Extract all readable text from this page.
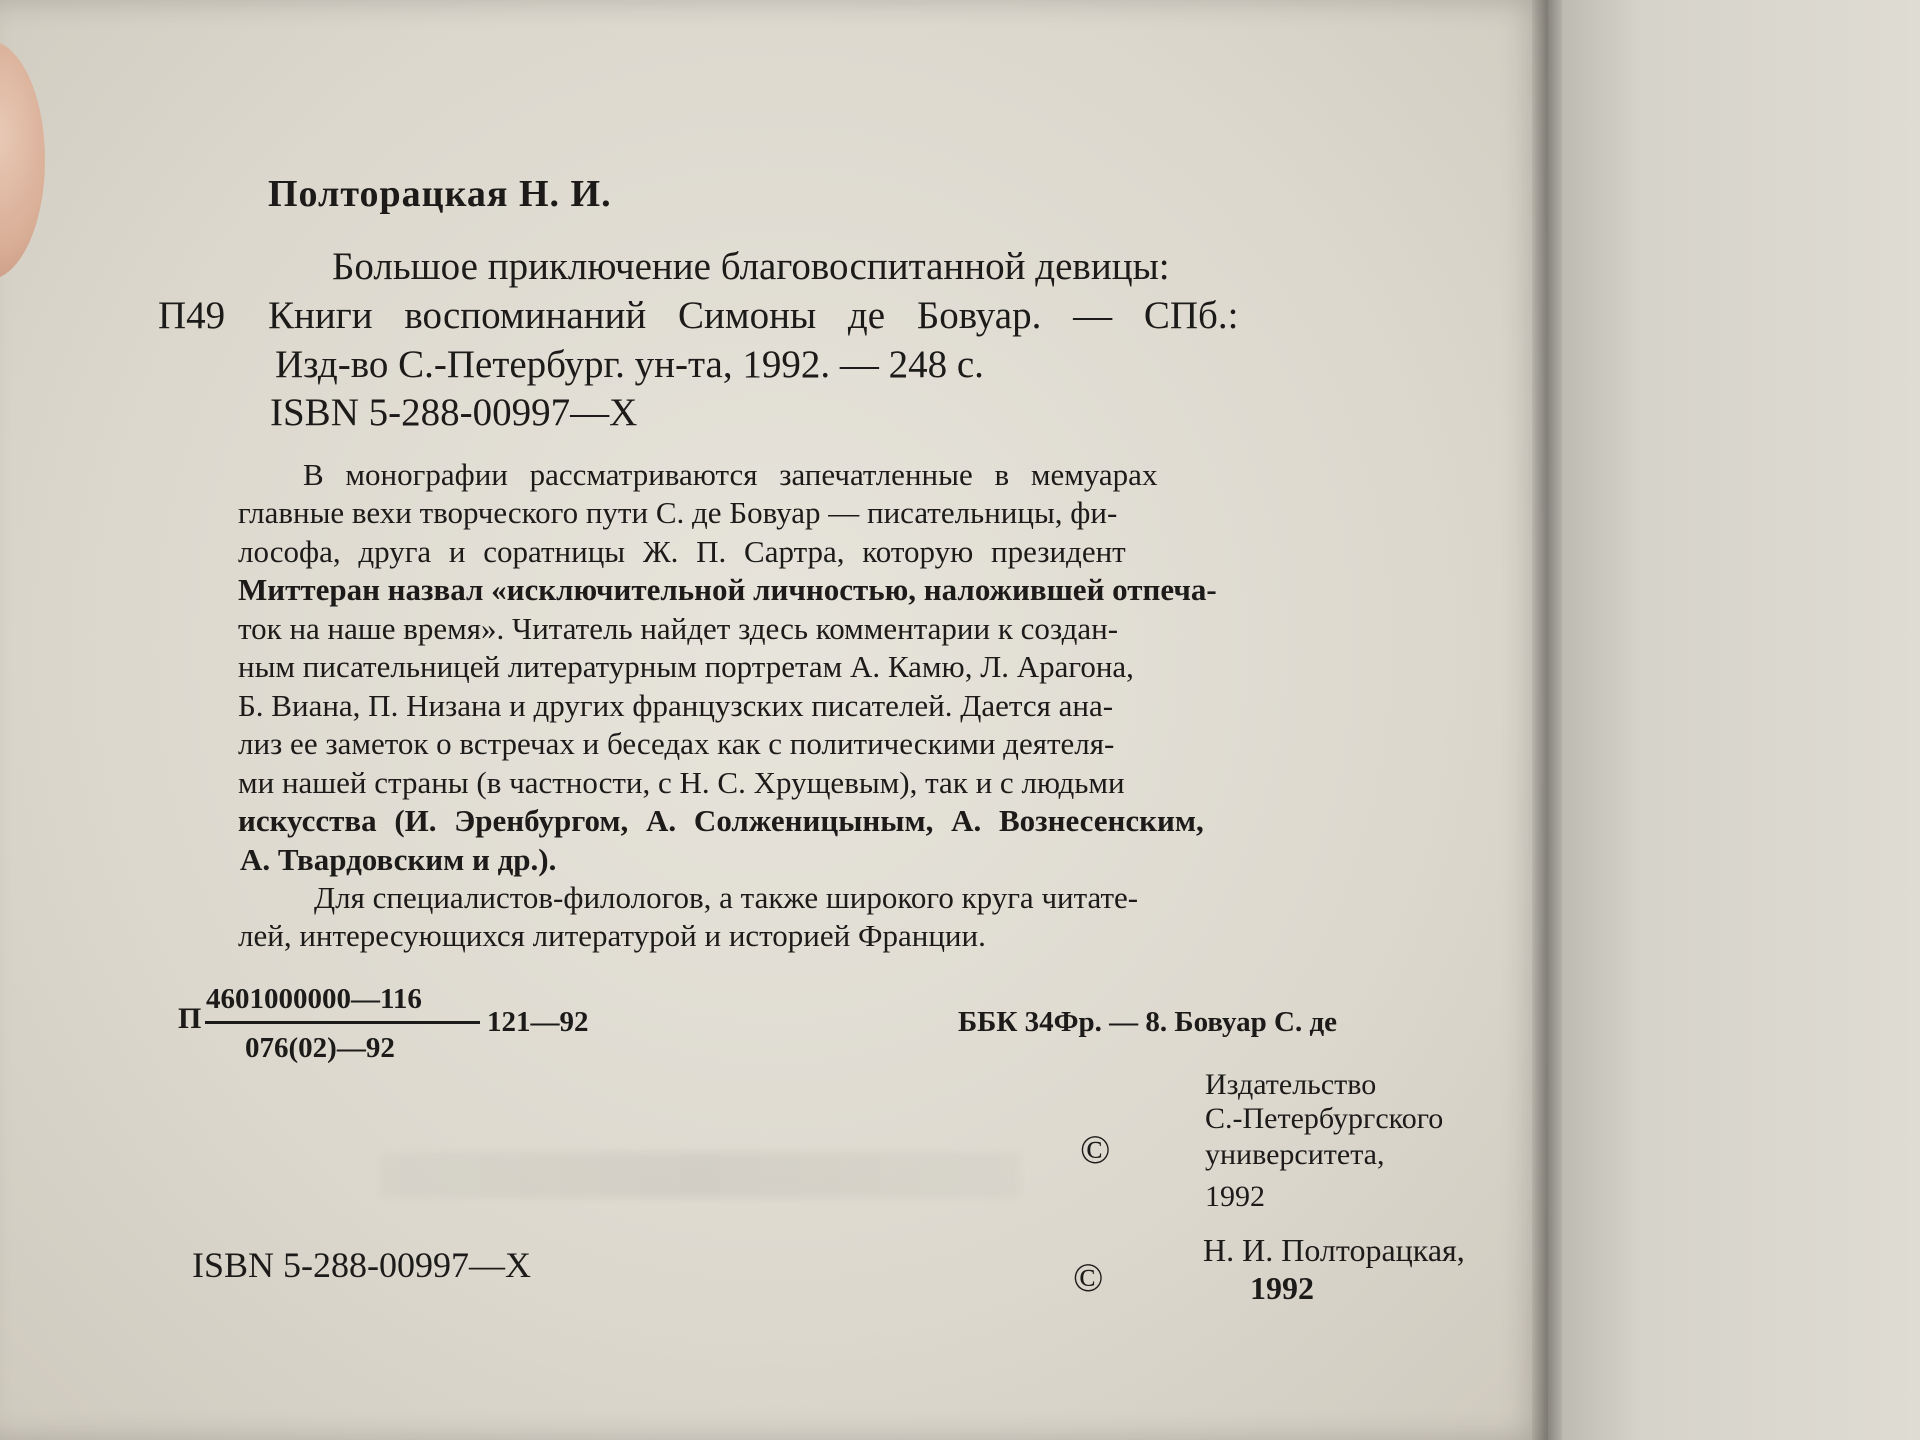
Полторацкая Н. И.
П49
Большое приключение благовоспитанной девицы:
Книги воспоминаний Симоны де Бовуар. — СПб.:
Изд-во С.-Петербург. ун-та, 1992. — 248 с.
ISBN 5-288-00997—X
В монографии рассматриваются запечатленные в мемуарах
главные вехи творческого пути С. де Бовуар — писательницы, фи-
лософа, друга и соратницы Ж. П. Сартра, которую президент
Миттеран назвал «исключительной личностью, наложившей отпеча-
ток на наше время». Читатель найдет здесь комментарии к создан-
ным писательницей литературным портретам А. Камю, Л. Арагона,
Б. Виана, П. Низана и других французских писателей. Дается ана-
лиз ее заметок о встречах и беседах как с политическими деятеля-
ми нашей страны (в частности, с Н. С. Хрущевым), так и с людьми
искусства (И. Эренбургом, А. Солженицыным, А. Вознесенским,
А. Твардовским и др.).
Для специалистов-филологов, а также широкого круга читате-
лей, интересующихся литературой и историей Франции.
П
4601000000—116
076(02)—92
121—92	ББК 34Фр. — 8. Бовуар С. де
Издательство
С.-Петербургского
университета,
1992
©
ISBN 5-288-00997—X	©
Н. И. Полторацкая,
1992
